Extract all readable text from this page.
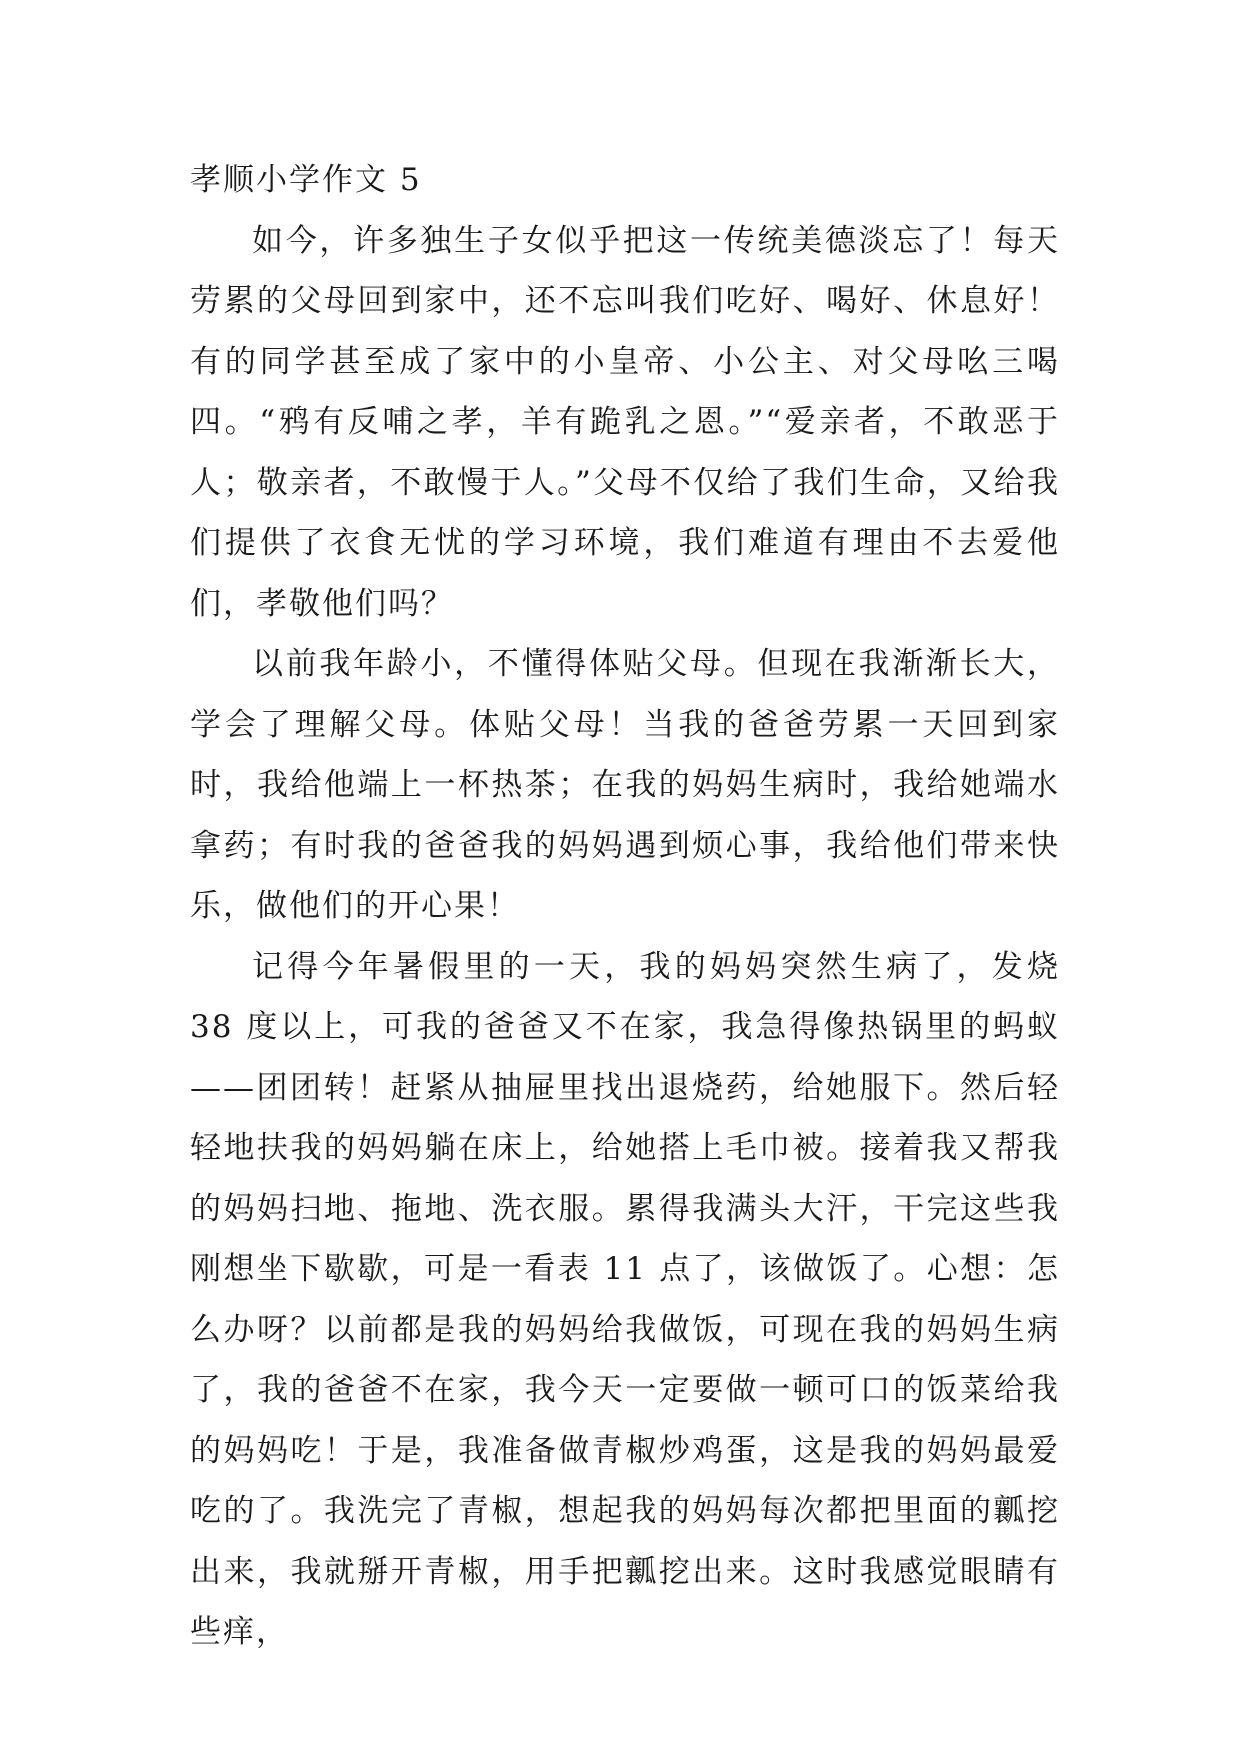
孝顺小学作文 5

如今，许多独生子女似乎把这一传统美德淡忘了！每天劳累的父母回到家中，还不忘叫我们吃好、喝好、休息好！有的同学甚至成了家中的小皇帝、小公主、对父母吆三喝四。“鸦有反哺之孝，羊有跪乳之恩。”“爱亲者，不敢恶于人；敬亲者，不敢慢于人。”父母不仅给了我们生命，又给我们提供了衣食无忧的学习环境，我们难道有理由不去爱他们，孝敬他们吗？

以前我年龄小，不懂得体贴父母。但现在我渐渐长大，学会了理解父母。体贴父母！当我的爸爸劳累一天回到家时，我给他端上一杯热茶；在我的妈妈生病时，我给她端水拿药；有时我的爸爸我的妈妈遇到烦心事，我给他们带来快乐，做他们的开心果！

记得今年暑假里的一天，我的妈妈突然生病了，发烧 38 度以上，可我的爸爸又不在家，我急得像热锅里的蚂蚁——团团转！赶紧从抽屉里找出退烧药，给她服下。然后轻轻地扶我的妈妈躺在床上，给她搭上毛巾被。接着我又帮我的妈妈扫地、拖地、洗衣服。累得我满头大汗，干完这些我刚想坐下歇歇，可是一看表 11 点了，该做饭了。心想：怎么办呀？以前都是我的妈妈给我做饭，可现在我的妈妈生病了，我的爸爸不在家，我今天一定要做一顿可口的饭菜给我的妈妈吃！于是，我准备做青椒炒鸡蛋，这是我的妈妈最爱吃的了。我洗完了青椒，想起我的妈妈每次都把里面的瓤挖出来，我就掰开青椒，用手把瓤挖出来。这时我感觉眼睛有些痒，
